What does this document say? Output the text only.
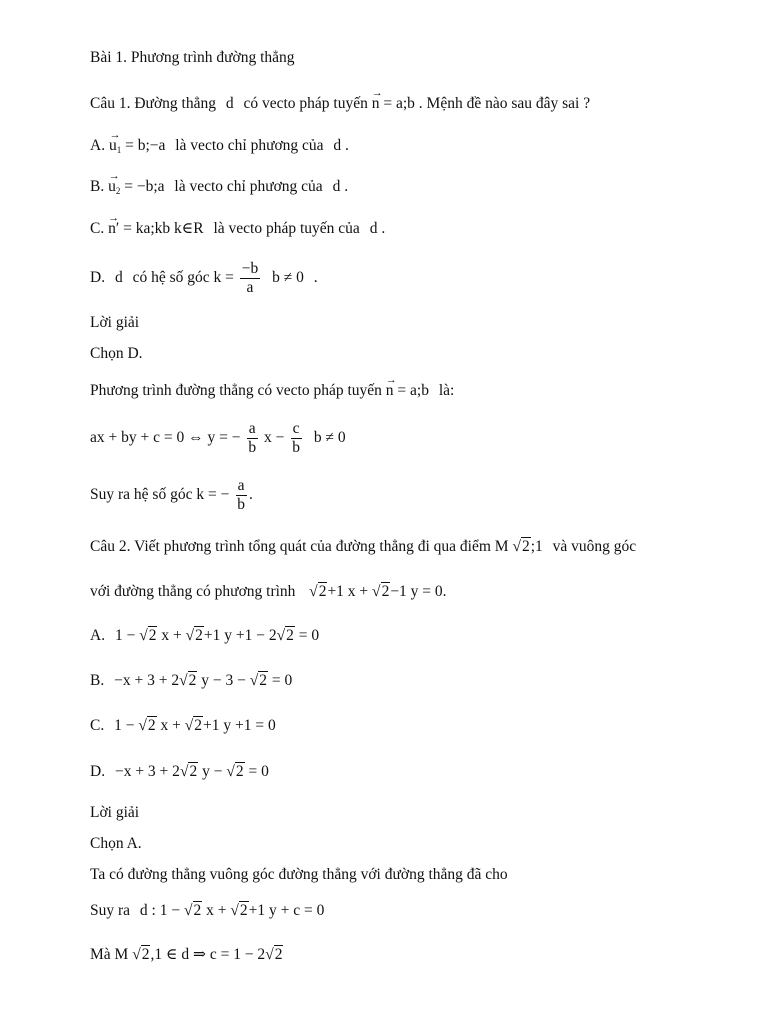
Bài 1. Phương trình đường thẳng
Câu 1. Đường thẳng d có vecto pháp tuyến → n = a;b . Mệnh đề nào sau đây sai ?
A. → $u_1$ = b;−a là vecto chỉ phương của d .
B. → $u_2$ = −b;a là vecto chỉ phương của d .
C. → n′ = ka;kb k∈R là vecto pháp tuyến của d .
D. d có hệ số góc $k = \frac{-b}{a}$ b ≠ 0 .
Lời giải
Chọn D.
Phương trình đường thẳng có vecto pháp tuyến → n = a;b là:
ax + by + c = 0 ⇔ y = − $\frac{a}{b}$ $x - \frac{c}{b}$ b ≠ 0
Suy ra hệ số góc k = − $\frac{a}{b}$ .
Câu 2. Viết phương trình tổng quát của đường thẳng đi qua điểm M √2;1 và vuông góc
với đường thẳng có phương trình √2+1 x + √2−1 y = 0.
A. 1 − √2 x + √2+1 y +1 − 2√2 = 0
B. −x + 3 + 2√2 y − 3 − √2 = 0
C. 1 − √2 x + √2+1 y +1 = 0
D. −x + 3 + 2√2 y − √2 = 0
Lời giải
Chọn A.
Ta có đường thẳng vuông góc đường thẳng với đường thẳng đã cho
Suy ra d : 1 − √2 x + √2+1 y + c = 0
Mà M √2,1 ∈ d ⇒ c = 1 − 2√2
